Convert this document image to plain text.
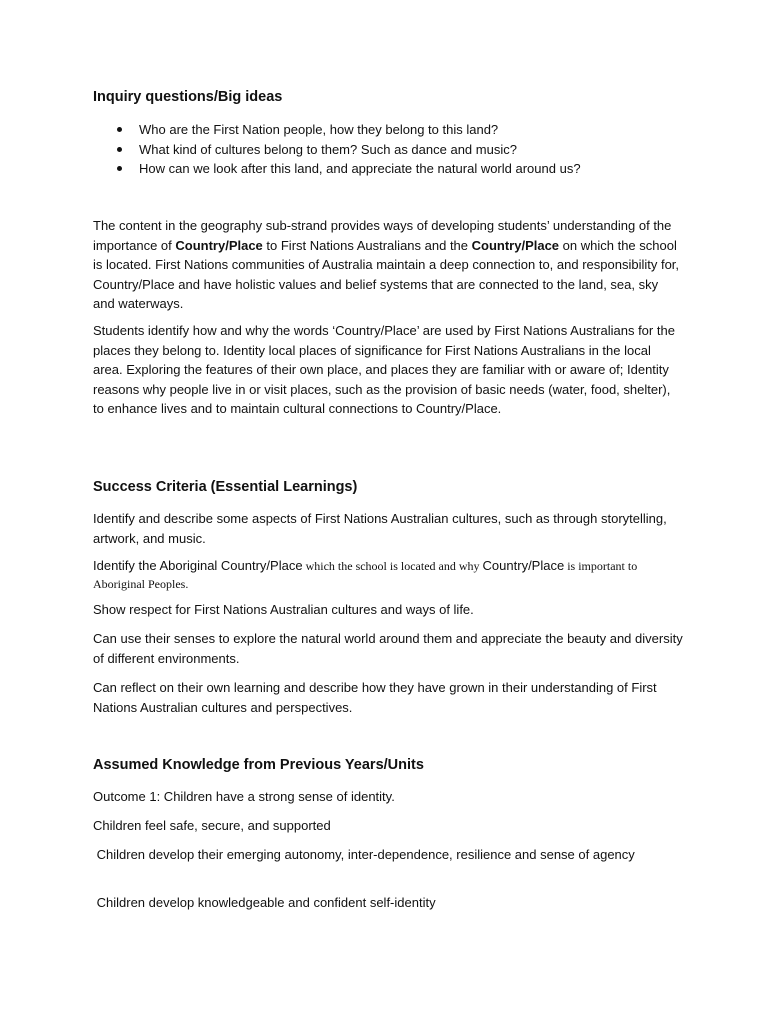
Inquiry questions/Big ideas
Who are the First Nation people, how they belong to this land?
What kind of cultures belong to them? Such as dance and music?
How can we look after this land, and appreciate the natural world around us?

The content in the geography sub-strand provides ways of developing students’ understanding of the importance of Country/Place to First Nations Australians and the Country/Place on which the school is located. First Nations communities of Australia maintain a deep connection to, and responsibility for, Country/Place and have holistic values and belief systems that are connected to the land, sea, sky and waterways.

Students identify how and why the words ‘Country/Place’ are used by First Nations Australians for the places they belong to. Identity local places of significance for First Nations Australians in the local area. Exploring the features of their own place, and places they are familiar with or aware of; Identity reasons why people live in or visit places, such as the provision of basic needs (water, food, shelter), to enhance lives and to maintain cultural connections to Country/Place.

Success Criteria (Essential Learnings)

Identify and describe some aspects of First Nations Australian cultures, such as through storytelling, artwork, and music.

Identify the Aboriginal Country/Place which the school is located and why Country/Place is important to Aboriginal Peoples.

Show respect for First Nations Australian cultures and ways of life.

Can use their senses to explore the natural world around them and appreciate the beauty and diversity of different environments.

Can reflect on their own learning and describe how they have grown in their understanding of First Nations Australian cultures and perspectives.

Assumed Knowledge from Previous Years/Units

Outcome 1: Children have a strong sense of identity.

Children feel safe, secure, and supported

Children develop their emerging autonomy, inter-dependence, resilience and sense of agency

Children develop knowledgeable and confident self-identity
